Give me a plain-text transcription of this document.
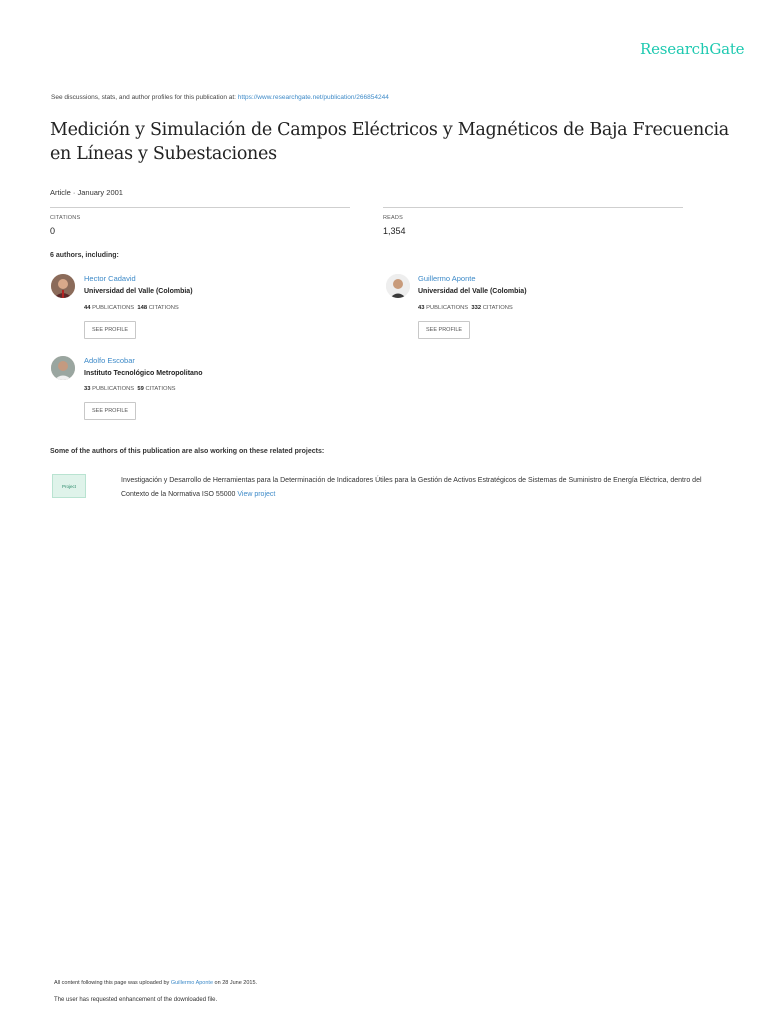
ResearchGate
See discussions, stats, and author profiles for this publication at: https://www.researchgate.net/publication/266854244
Medición y Simulación de Campos Eléctricos y Magnéticos de Baja Frecuencia en Líneas y Subestaciones
Article · January 2001
CITATIONS
0
READS
1,354
6 authors, including:
Hector Cadavid
Universidad del Valle (Colombia)
44 PUBLICATIONS 148 CITATIONS
SEE PROFILE
Guillermo Aponte
Universidad del Valle (Colombia)
43 PUBLICATIONS 332 CITATIONS
SEE PROFILE
Adolfo Escobar
Instituto Tecnológico Metropolitano
33 PUBLICATIONS 59 CITATIONS
SEE PROFILE
Some of the authors of this publication are also working on these related projects:
Project
Investigación y Desarrollo de Herramientas para la Determinación de Indicadores Útiles para la Gestión de Activos Estratégicos de Sistemas de Suministro de Energía Eléctrica, dentro del Contexto de la Normativa ISO 55000 View project
All content following this page was uploaded by Guillermo Aponte on 28 June 2015.
The user has requested enhancement of the downloaded file.
